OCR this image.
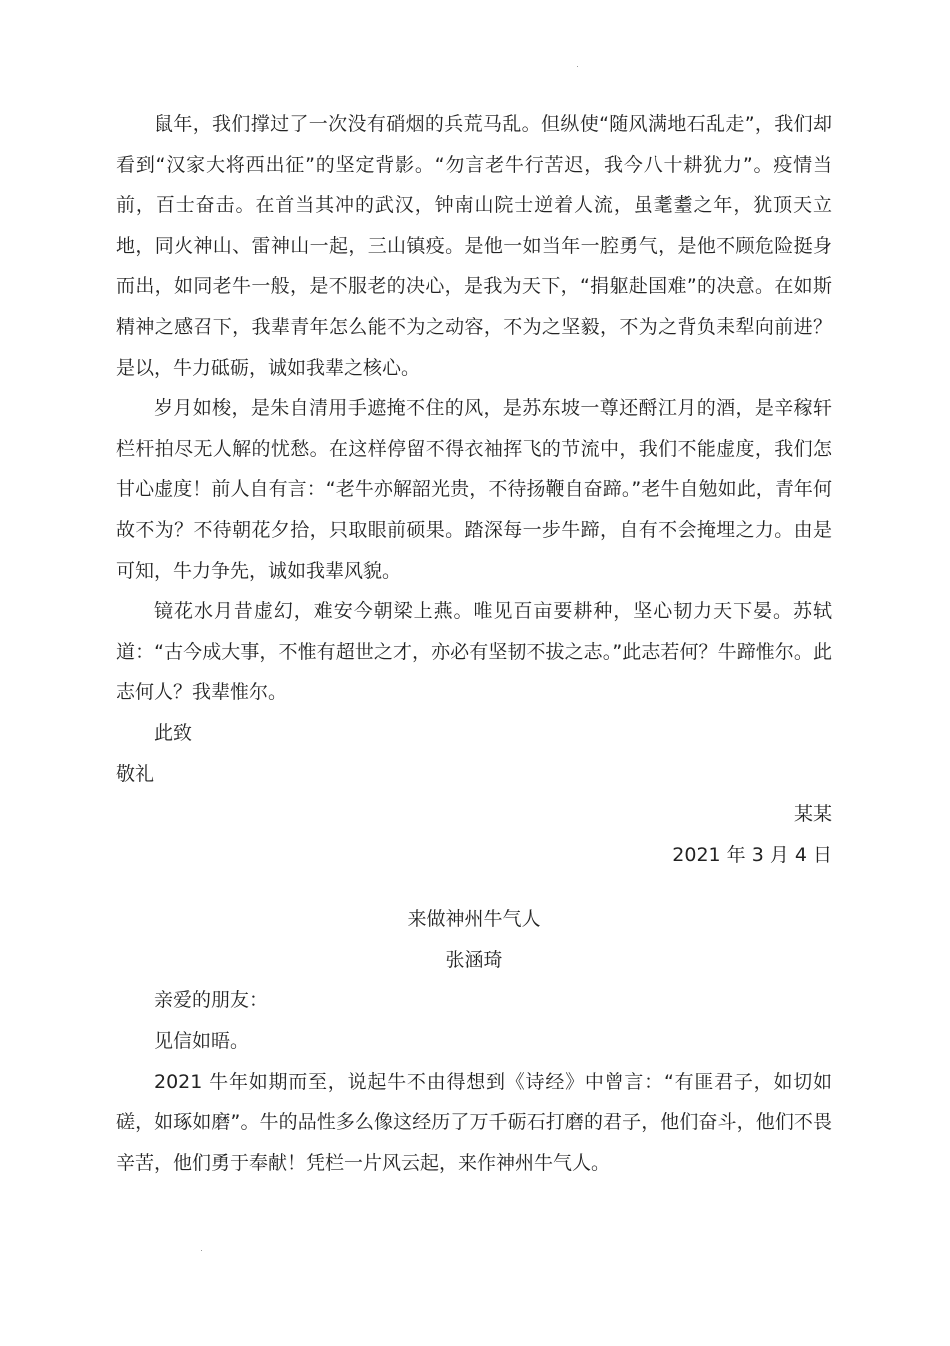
鼠年，我们撑过了一次没有硝烟的兵荒马乱。但纵使“随风满地石乱走”，我们却看到“汉家大将西出征”的坚定背影。“勿言老牛行苦迟，我今八十耕犹力”。疫情当前，百士奋击。在首当其冲的武汉，钟南山院士逆着人流，虽耄耋之年，犹顶天立地，同火神山、雷神山一起，三山镇疫。是他一如当年一腔勇气，是他不顾危险挺身而出，如同老牛一般，是不服老的决心，是我为天下，“捐躯赴国难”的决意。在如斯精神之感召下，我辈青年怎么能不为之动容，不为之坚毅，不为之背负耒犁向前进？是以，牛力砥砺，诚如我辈之核心。

岁月如梭，是朱自清用手遮掩不住的风，是苏东坡一尊还酹江月的酒，是辛稼轩栏杆拍尽无人解的忧愁。在这样停留不得衣袖挥飞的节流中，我们不能虚度，我们怎甘心虚度！前人自有言：“老牛亦解韶光贵，不待扬鞭自奋蹄。”老牛自勉如此，青年何故不为？不待朝花夕拾，只取眼前硕果。踏深每一步牛蹄，自有不会掩埋之力。由是可知，牛力争先，诚如我辈风貌。

镜花水月昔虚幻，难安今朝梁上燕。唯见百亩要耕种，坚心韧力天下晏。苏轼道：“古今成大事，不惟有超世之才，亦必有坚韧不拔之志。”此志若何？牛蹄惟尔。此志何人？我辈惟尔。

此致

敬礼

某某

2021 年 3 月 4 日

来做神州牛气人

张涵琦

亲爱的朋友：

见信如晤。

2021 牛年如期而至，说起牛不由得想到《诗经》中曾言：“有匪君子，如切如磋，如琢如磨”。牛的品性多么像这经历了万千砺石打磨的君子，他们奋斗，他们不畏辛苦，他们勇于奉献！凭栏一片风云起，来作神州牛气人。
